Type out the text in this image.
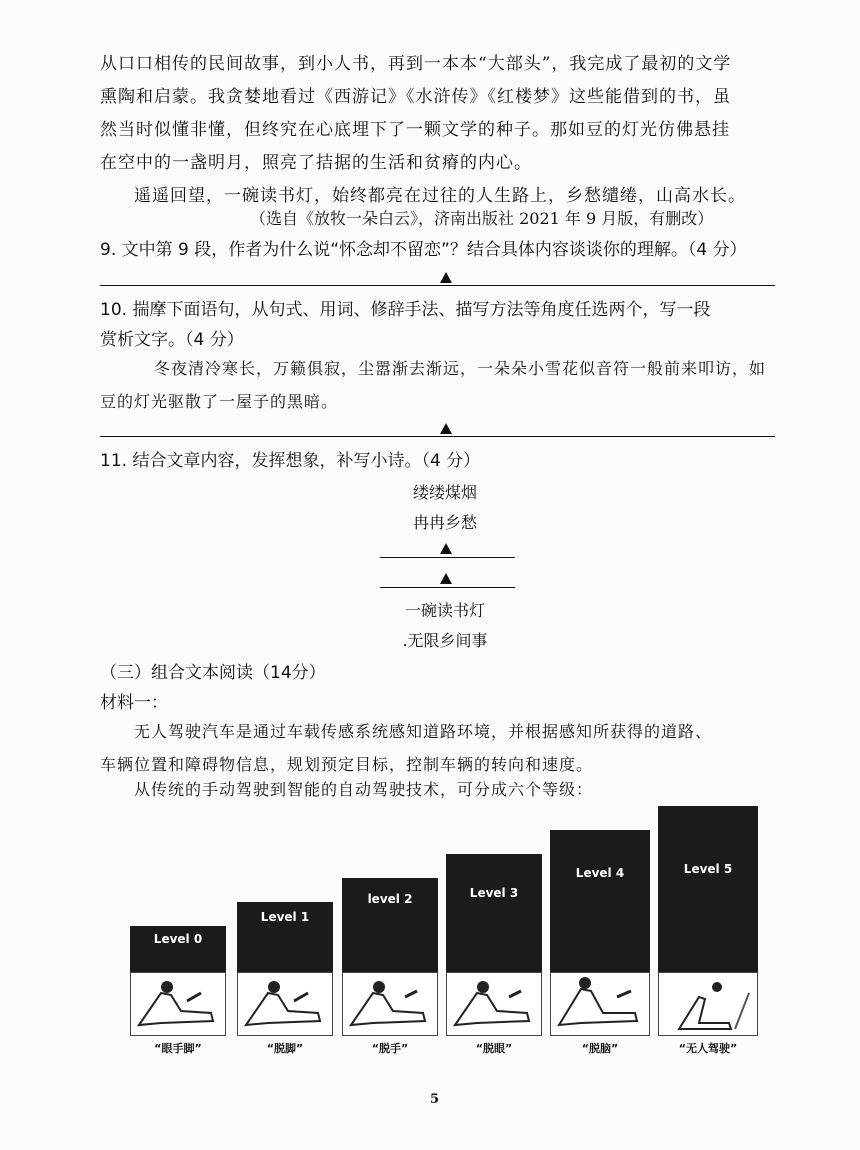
从口口相传的民间故事，到小人书，再到一本本“大部头”，我完成了最初的文学
熏陶和启蒙。我贪婪地看过《西游记》《水浒传》《红楼梦》这些能借到的书，虽
然当时似懂非懂，但终究在心底埋下了一颗文学的种子。那如豆的灯光仿佛悬挂
在空中的一盏明月，照亮了拮据的生活和贫瘠的内心。
遥遥回望，一碗读书灯，始终都亮在过往的人生路上，乡愁缱绻，山高水长。
（选自《放牧一朵白云》，济南出版社 2021 年 9 月版，有删改）
9. 文中第 9 段，作者为什么说“怀念却不留恋”？结合具体内容谈谈你的理解。（4 分）
10. 揣摩下面语句，从句式、用词、修辞手法、描写方法等角度任选两个，写一段
赏析文字。（4 分）
冬夜清冷寒长，万籁俱寂，尘嚣渐去渐远，一朵朵小雪花似音符一般前来叩访，如
豆的灯光驱散了一屋子的黑暗。
11. 结合文章内容，发挥想象，补写小诗。（4 分）
缕缕煤烟
冉冉乡愁
一碗读书灯
.无限乡间事
（三）组合文本阅读（14分）
材料一：
无人驾驶汽车是通过车载传感系统感知道路环境，并根据感知所获得的道路、
车辆位置和障碍物信息，规划预定目标，控制车辆的转向和速度。
从传统的手动驾驶到智能的自动驾驶技术，可分成六个等级：
Level 0
“眼手脚”
Level 1
“脱脚”
level 2
“脱手”
Level 3
“脱眼”
Level 4
“脱脑”
Level 5
“无人驾驶”
5
